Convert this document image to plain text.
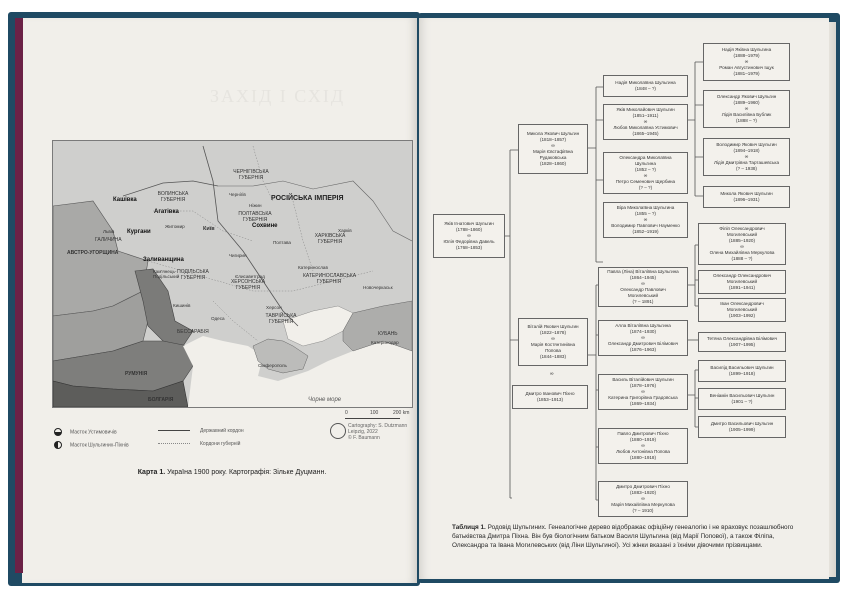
ЗАХІД І СХІД
РОСІЙСЬКА ІМПЕРІЯ
АВСТРО-УГОРЩИНА
РУМУНІЯ
БОЛГАРІЯ
БЕССАРАБІЯ	КУБАНЬ
ГАЛИЧИНА
ЧЕРНІГІВСЬКА ГУБЕРНІЯ
ВОЛИНСЬКА ГУБЕРНІЯ
ПОЛТАВСЬКА ГУБЕРНІЯ
ХАРКІВСЬКА ГУБЕРНІЯ
ПОДІЛЬСЬКА ГУБЕРНІЯ
ХЕРСОНСЬКА ГУБЕРНІЯ
КАТЕРИНОСЛАВСЬКА ГУБЕРНІЯ
ТАВРІЙСЬКА ГУБЕРНІЯ
Чорне море
Кашівка
Агатівка
Кургани
Заливанщина
Сохвине
Київ
Львів
Житомир
Чернігів
Ніжин
Харків
Полтава
Чигирин
Єлисаветград
Катеринослав
Кам'янець-Подільський
Кишинів
Одеса
Херсон
Новочеркаськ
Сімферополь
Катеринодар
0	100	200 km
Маєток Устимовичів
Маєток Шульгиних-Піхнів
Державний кордон
Кордони губерній
Cartography: S. Dutzmann
Leipzig, 2022
© F. Baumann
Карта 1. Україна 1900 року. Картографія: Зільке Дуцманн.
Яків Ігнатович Шульгин
(1788–1860)
∞
Юлія Федорівна Давель
(1768–1853)
Микола Якович Шульгин
(1818–1857)
∞
Марія Євстафіївна
Рудаковська
(1828–1860)
Віталій Якович Шульгин
(1822–1878)
∞
Марія Костянтинівна
Попова
(1844–1883)
∞
Дмитро Іванович Піхно
(1853–1913)
Надія Миколаївна Шульгина
(1848 – ?)
Яків Миколайович Шульгин
(1851–1911)
∞
Любов Миколаївна Устимович
(1865–1945)
Олександра Миколаївна
Шульгина
(1852 – ?)
∞
Петро Семенович Щербина
(? – ?)
Віра Миколаївна Шульгина
(1855 – ?)
∞
Володимир Павлович Науменко
(1852–1919)
Павла (Ліна) Віталіївна Шульгина
(1864–1945)
∞
Олександр Павлович
Могилевський
(? – 1891)
Алла Віталіївна Шульгина
(1874–1930)
∞
Олександр Дмитрович Білімович
(1876–1963)
Василь Віталійович Шульгин
(1878–1976)
∞
Катерина Григорівна Градовська
(1869–1934)
Павло Дмитрович Піхно
(1880–1919)
∞
Любов Антонівна Попова
(1880–1918)
Дмитро Дмитрович Піхно
(1883–1920)
∞
Марія Михайлівна Меркулова
(? – 1910)
Надія Яківна Шульгина
(1888–1979)
∞
Роман Августинович Іщук
(1881–1979)
Олександр Якович Шульгин
(1889–1960)
∞
Лідія Василівна Бублик
(1888 – ?)
Володимир Якович Шульгин
(1894–1918)
∞
Лідія Дмитрівна Тарташевська
(? – 1938)
Микола Якович Шульгин
(1896–1931)
Філіп Олександрович
Могилевський
(1885–1920)
∞
Олена Михайлівна Меркулова
(1888 – ?)
Олександр Олександрович
Могилевський
(1891–1941)
Іван Олександрович
Могилевський
(1903–1992)
Тетяна Олександрівна Білімович
(1907–1995)
Василід Васильович Шульгин
(1899–1918)
Веніамін Васильович Шульгин
(1901 – ?)
Дмитро Васильович Шульгин
(1905–1999)
Таблиця 1. Родовід Шульгиних. Генеалогічне дерево відображає офіційну генеалогію і не враховує позашлюбного батьківства Дмитра Піхна. Він був біологічним батьком Василя Шульгина (від Марії Попової), а також Філіпа, Олександра та Івана Могилевських (від Ліни Шульгиної). Усі жінки вказані з їхніми дівочими прізвищами.
